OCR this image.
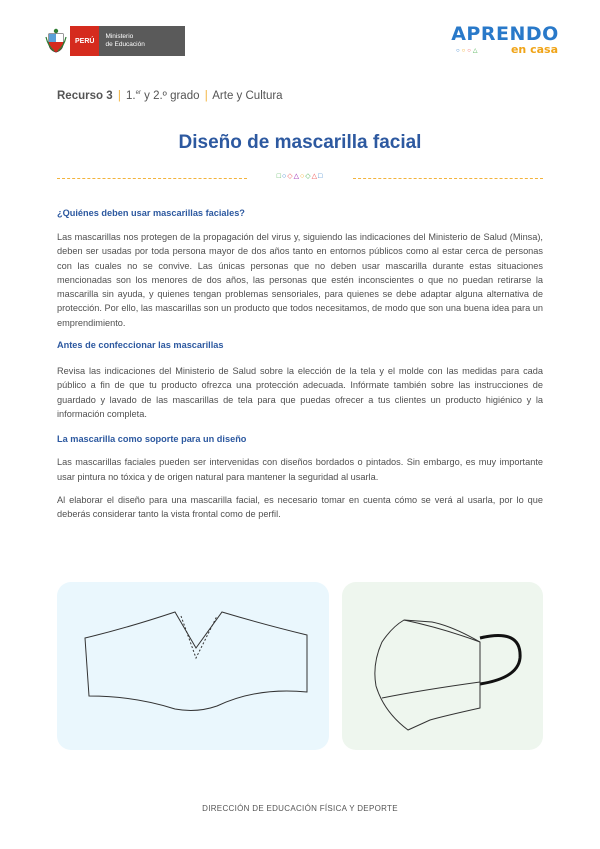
PERÚ
Ministerio
de Educación	APRENDO
○○○△	en casa
Recurso 3 | 1.$^{er}$ y 2.º grado | Arte y Cultura
Diseño de mascarilla facial
□○◇△○◇△□
¿Quiénes deben usar mascarillas faciales?

Las mascarillas nos protegen de la propagación del virus y, siguiendo las indicaciones del Ministerio de Salud (Minsa), deben ser usadas por toda persona mayor de dos años tanto en entornos públicos como al estar cerca de personas con las cuales no se convive. Las únicas personas que no deben usar mascarilla durante estas situaciones mencionadas son los menores de dos años, las personas que estén inconscientes o que no puedan retirarse la mascarilla sin ayuda, y quienes tengan problemas sensoriales, para quienes se debe adaptar alguna alternativa de protección. Por ello, las mascarillas son un producto que todos necesitamos, de modo que son una buena idea para un emprendimiento.

Antes de confeccionar las mascarillas

Revisa las indicaciones del Ministerio de Salud sobre la elección de la tela y el molde con las medidas para cada público a fin de que tu producto ofrezca una protección adecuada. Infórmate también sobre las instrucciones de guardado y lavado de las mascarillas de tela para que puedas ofrecer a tus clientes un producto higiénico y la información completa.

La mascarilla como soporte para un diseño

Las mascarillas faciales pueden ser intervenidas con diseños bordados o pintados. Sin embargo, es muy importante usar pintura no tóxica y de origen natural para mantener la seguridad al usarla.

Al elaborar el diseño para una mascarilla facial, es necesario tomar en cuenta cómo se verá al usarla, por lo que deberás considerar tanto la vista frontal como de perfil.

DIRECCIÓN DE EDUCACIÓN FÍSICA Y DEPORTE
